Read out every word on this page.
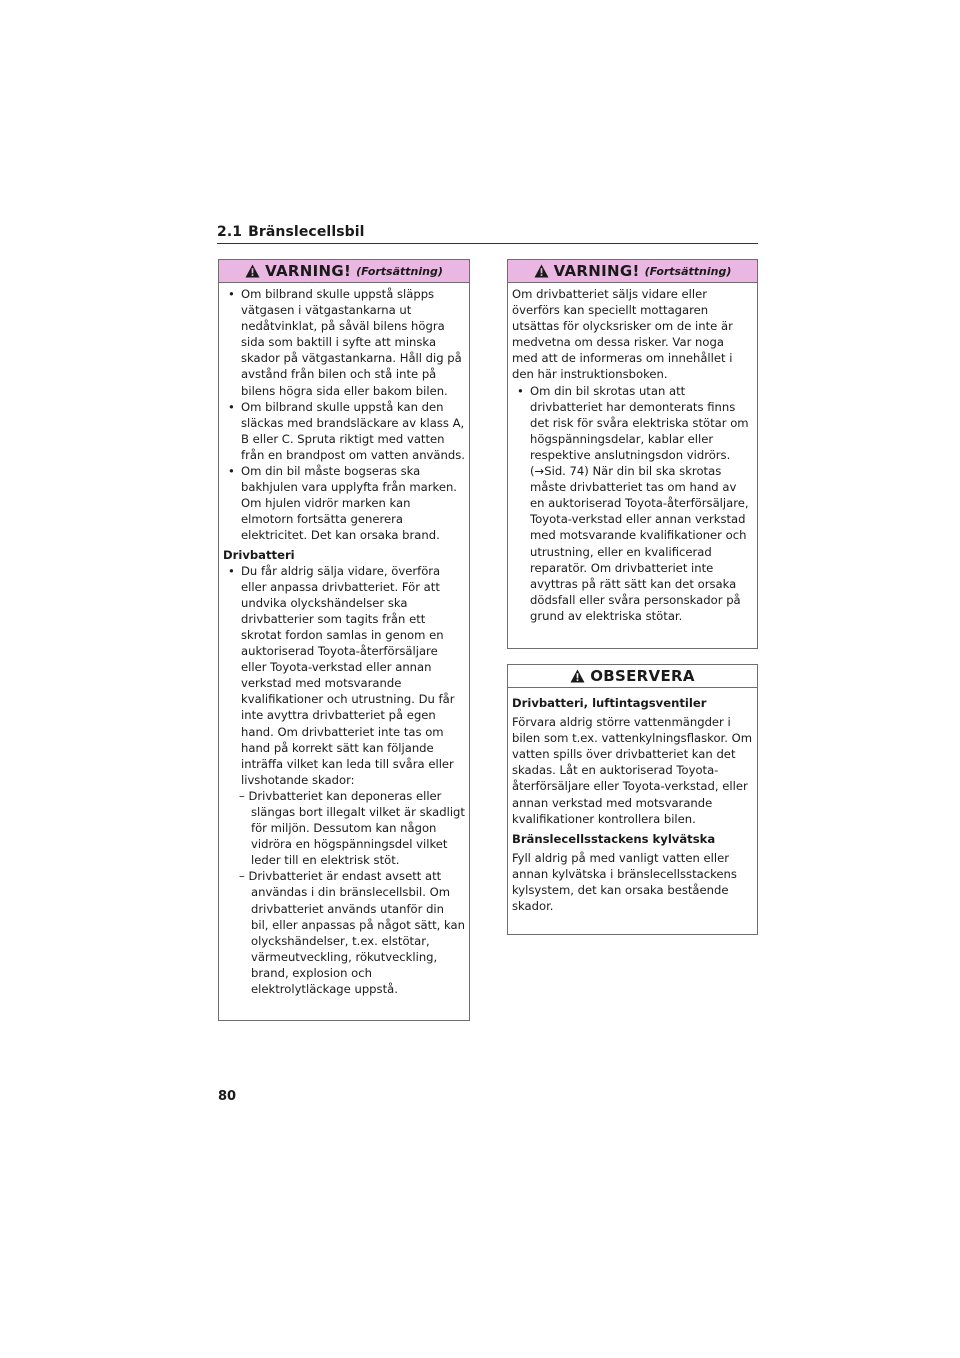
2.1 Bränslecellsbil
VARNING! (Fortsättning)

• Om bilbrand skulle uppstå släpps vätgasen i vätgastankarna ut nedåtvinklat, på såväl bilens högra sida som baktill i syfte att minska skador på vätgastankarna. Håll dig på avstånd från bilen och stå inte på bilens högra sida eller bakom bilen.

• Om bilbrand skulle uppstå kan den släckas med brandsläckare av klass A, B eller C. Spruta riktigt med vatten från en brandpost om vatten används.

• Om din bil måste bogseras ska bakhjulen vara upplyfta från marken. Om hjulen vidrör marken kan elmotorn fortsätta generera elektricitet. Det kan orsaka brand.

Drivbatteri

• Du får aldrig sälja vidare, överföra eller anpassa drivbatteriet. För att undvika olyckshändelser ska drivbatterier som tagits från ett skrotat fordon samlas in genom en auktoriserad Toyota-återförsäljare eller Toyota-verkstad eller annan verkstad med motsvarande kvalifikationer och utrustning. Du får inte avyttra drivbatteriet på egen hand. Om drivbatteriet inte tas om hand på korrekt sätt kan följande inträffa vilket kan leda till svåra eller livshotande skador:

– Drivbatteriet kan deponeras eller slängas bort illegalt vilket är skadligt för miljön. Dessutom kan någon vidröra en högspänningsdel vilket leder till en elektrisk stöt.

– Drivbatteriet är endast avsett att användas i din bränslecellsbil. Om drivbatteriet används utanför din bil, eller anpassas på något sätt, kan olyckshändelser, t.ex. elstötar, värmeutveckling, rökutveckling, brand, explosion och elektrolytläckage uppstå.

VARNING! (Fortsättning)

Om drivbatteriet säljs vidare eller överförs kan speciellt mottagaren utsättas för olycksrisker om de inte är medvetna om dessa risker. Var noga med att de informeras om innehållet i den här instruktionsboken.

• Om din bil skrotas utan att drivbatteriet har demonterats finns det risk för svåra elektriska stötar om högspänningsdelar, kablar eller respektive anslutningsdon vidrörs. (→Sid. 74) När din bil ska skrotas måste drivbatteriet tas om hand av en auktoriserad Toyota-återförsäljare, Toyota-verkstad eller annan verkstad med motsvarande kvalifikationer och utrustning, eller en kvalificerad reparatör. Om drivbatteriet inte avyttras på rätt sätt kan det orsaka dödsfall eller svåra personskador på grund av elektriska stötar.

OBSERVERA

Drivbatteri, luftintagsventiler

Förvara aldrig större vattenmängder i bilen som t.ex. vattenkylningsflaskor. Om vatten spills över drivbatteriet kan det skadas. Låt en auktoriserad Toyota-återförsäljare eller Toyota-verkstad, eller annan verkstad med motsvarande kvalifikationer kontrollera bilen.

Bränslecellsstackens kylvätska

Fyll aldrig på med vanligt vatten eller annan kylvätska i bränslecellsstackens kylsystem, det kan orsaka bestående skador.

80
